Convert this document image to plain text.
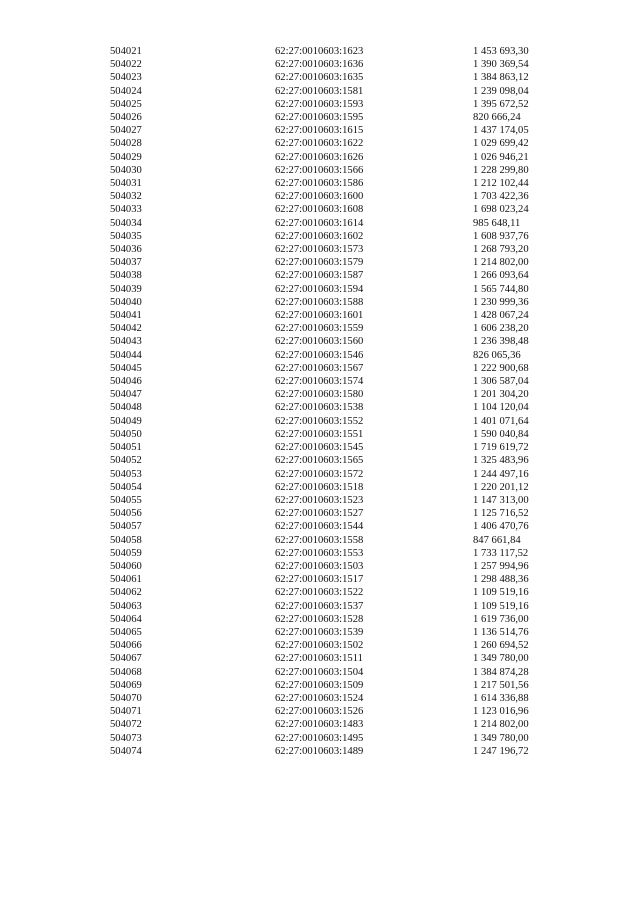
504021	62:27:0010603:1623	1 453 693,30
504022	62:27:0010603:1636	1 390 369,54
504023	62:27:0010603:1635	1 384 863,12
504024	62:27:0010603:1581	1 239 098,04
504025	62:27:0010603:1593	1 395 672,52
504026	62:27:0010603:1595	820 666,24
504027	62:27:0010603:1615	1 437 174,05
504028	62:27:0010603:1622	1 029 699,42
504029	62:27:0010603:1626	1 026 946,21
504030	62:27:0010603:1566	1 228 299,80
504031	62:27:0010603:1586	1 212 102,44
504032	62:27:0010603:1600	1 703 422,36
504033	62:27:0010603:1608	1 698 023,24
504034	62:27:0010603:1614	985 648,11
504035	62:27:0010603:1602	1 608 937,76
504036	62:27:0010603:1573	1 268 793,20
504037	62:27:0010603:1579	1 214 802,00
504038	62:27:0010603:1587	1 266 093,64
504039	62:27:0010603:1594	1 565 744,80
504040	62:27:0010603:1588	1 230 999,36
504041	62:27:0010603:1601	1 428 067,24
504042	62:27:0010603:1559	1 606 238,20
504043	62:27:0010603:1560	1 236 398,48
504044	62:27:0010603:1546	826 065,36
504045	62:27:0010603:1567	1 222 900,68
504046	62:27:0010603:1574	1 306 587,04
504047	62:27:0010603:1580	1 201 304,20
504048	62:27:0010603:1538	1 104 120,04
504049	62:27:0010603:1552	1 401 071,64
504050	62:27:0010603:1551	1 590 040,84
504051	62:27:0010603:1545	1 719 619,72
504052	62:27:0010603:1565	1 325 483,96
504053	62:27:0010603:1572	1 244 497,16
504054	62:27:0010603:1518	1 220 201,12
504055	62:27:0010603:1523	1 147 313,00
504056	62:27:0010603:1527	1 125 716,52
504057	62:27:0010603:1544	1 406 470,76
504058	62:27:0010603:1558	847 661,84
504059	62:27:0010603:1553	1 733 117,52
504060	62:27:0010603:1503	1 257 994,96
504061	62:27:0010603:1517	1 298 488,36
504062	62:27:0010603:1522	1 109 519,16
504063	62:27:0010603:1537	1 109 519,16
504064	62:27:0010603:1528	1 619 736,00
504065	62:27:0010603:1539	1 136 514,76
504066	62:27:0010603:1502	1 260 694,52
504067	62:27:0010603:1511	1 349 780,00
504068	62:27:0010603:1504	1 384 874,28
504069	62:27:0010603:1509	1 217 501,56
504070	62:27:0010603:1524	1 614 336,88
504071	62:27:0010603:1526	1 123 016,96
504072	62:27:0010603:1483	1 214 802,00
504073	62:27:0010603:1495	1 349 780,00
504074	62:27:0010603:1489	1 247 196,72
